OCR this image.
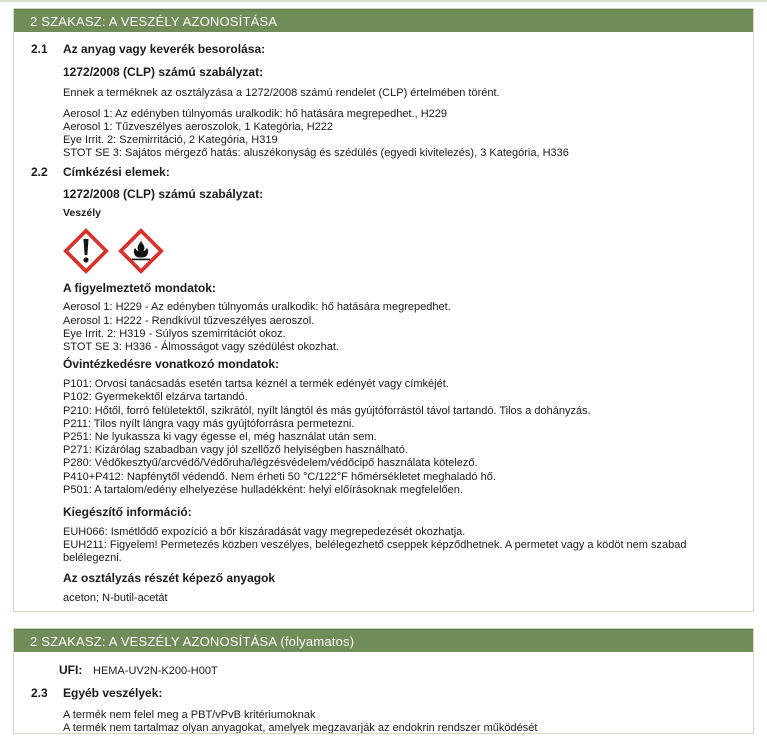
2 SZAKASZ: A VESZÉLY AZONOSÍTÁSA
2.1	Az anyag vagy keverék besorolása:
1272/2008 (CLP) számú szabályzat:
Ennek a terméknek az osztályzása a 1272/2008 számú rendelet (CLP) értelmében törént.
Aerosol 1: Az edényben túlnyomás uralkodik: hő hatására megrepedhet., H229
Aerosol 1: Tűzveszélyes aeroszolok, 1 Kategória, H222
Eye Irrit. 2: Szemirritáció, 2 Kategória, H319
STOT SE 3: Sajátos mérgező hatás: aluszékonyság és szédülés (egyedi kivitelezés), 3 Kategória, H336
2.2	Címkézési elemek:
1272/2008 (CLP) számú szabályzat:
Veszély
A figyelmeztető mondatok:
Aerosol 1: H229 - Az edényben túlnyomás uralkodik: hő hatására megrepedhet.
Aerosol 1: H222 - Rendkívül tűzveszélyes aeroszol.
Eye Irrit. 2: H319 - Súlyos szemirritációt okoz.
STOT SE 3: H336 - Álmosságot vagy szédülést okozhat.
Óvintézkedésre vonatkozó mondatok:
P101: Orvosi tanácsadás esetén tartsa kéznél a termék edényét vagy címkéjét.
P102: Gyermekektől elzárva tartandó.
P210: Hőtől, forró felületektől, szikrától, nyílt lángtól és más gyújtóforrástól távol tartandó. Tilos a dohányzás.
P211: Tilos nyílt lángra vagy más gyújtóforrásra permetezni.
P251: Ne lyukassza ki vagy égesse el, még használat után sem.
P271: Kizárólag szabadban vagy jól szellőző helyiségben használható.
P280: Védőkesztyű/arcvédő/Védőruha/légzésvédelem/védőcipő használata kötelező.
P410+P412: Napfénytől védendő. Nem érheti 50 °C/122°F hőmérsékletet meghaladó hő.
P501: A tartalom/edény elhelyezése hulladékként: helyi előírásoknak megfelelően.
Kiegészítő információ:
EUH066: Ismétlődő expozíció a bőr kiszáradását vagy megrepedezését okozhatja.
EUH211: Figyelem! Permetezés közben veszélyes, belélegezhető cseppek képződhetnek. A permetet vagy a ködöt nem szabad belélegezni.
Az osztályzás részét képező anyagok
aceton; N-butil-acetát
2 SZAKASZ: A VESZÉLY AZONOSÍTÁSA (folyamatos)
UFI: HEMA-UV2N-K200-H00T
2.3	Egyéb veszélyek:
A termék nem felel meg a PBT/vPvB kritériumoknak
A termék nem tartalmaz olyan anyagokat, amelyek megzavarják az endokrin rendszer működését
